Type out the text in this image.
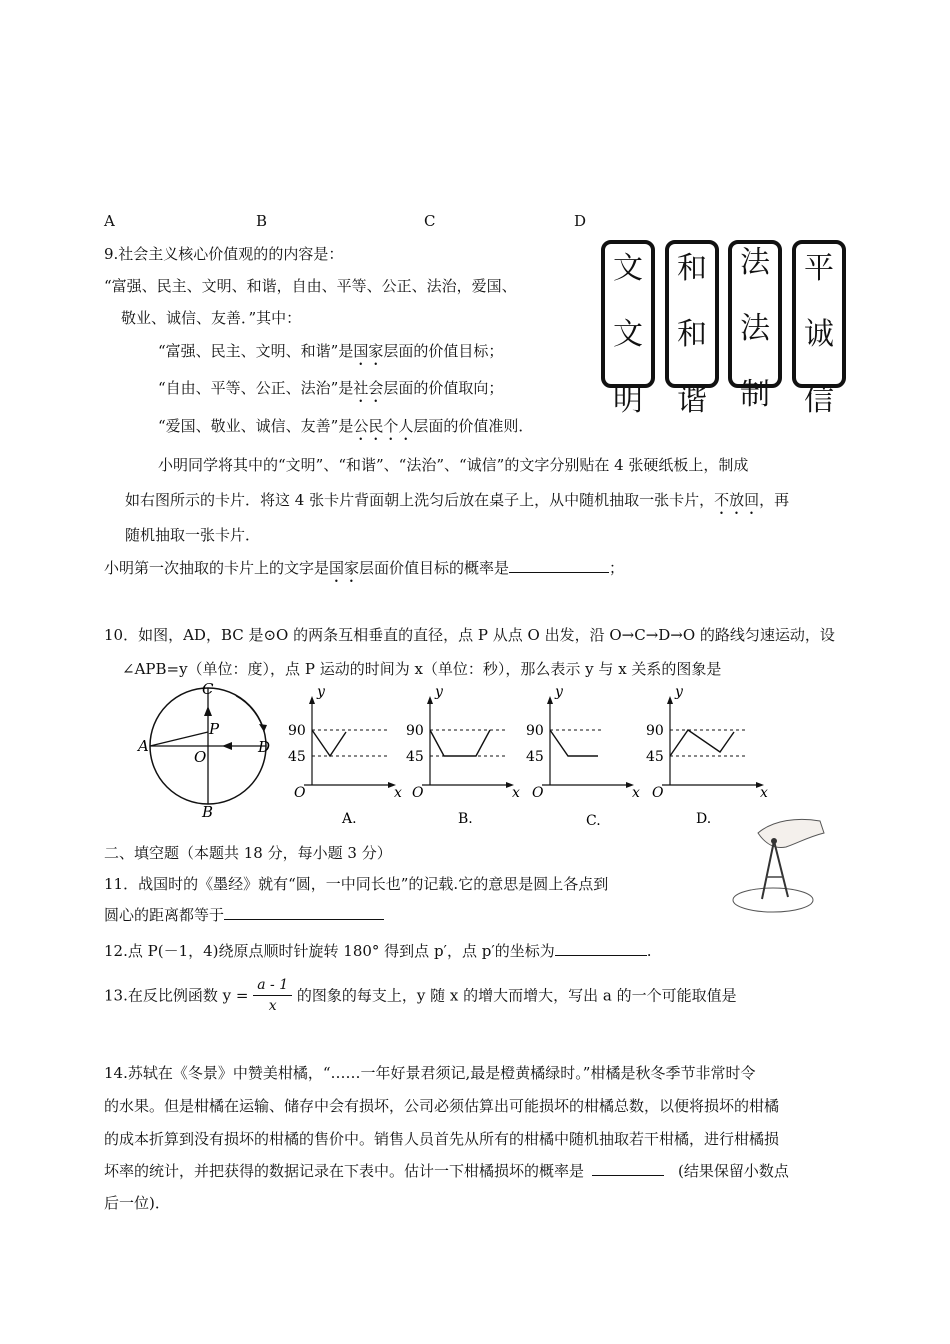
A	B	C	D
9.社会主义核心价值观的的内容是：
“富强、民主、文明、和谐，自由、平等、公正、法治，爱国、
敬业、诚信、友善．”其中：
“富强、民主、文明、和谐”是国家层面的价值目标；
“自由、平等、公正、法治”是社会层面的价值取向；
“爱国、敬业、诚信、友善”是公民个人层面的价值准则．
小明同学将其中的“文明”、“和谐”、“法治”、“诚信”的文字分别贴在 4 张硬纸板上，制成
如右图所示的卡片．将这 4 张卡片背面朝上洗匀后放在桌子上，从中随机抽取一张卡片，不放回，再
随机抽取一张卡片．
小明第一次抽取的卡片上的文字是国家层面价值目标的概率是	；
文
文
明
和
和
谐
法
法
制
平
诚
信
10．如图，AD，BC 是⊙O 的两条互相垂直的直径，点 P 从点 O 出发，沿 O→C→D→O 的路线匀速运动，设
∠APB=y（单位：度），点 P 运动的时间为 x（单位：秒），那么表示 y 与 x 关系的图象是
A
B
C
D
O
P
y
x
O
90
45
A.
y
x
O
90
45
B.
y
x
O
90
45
C.
y
x
O
90
45
D.
二、填空题（本题共 18 分，每小题 3 分）
11．战国时的《墨经》就有“圆，一中同长也”的记载.它的意思是圆上各点到
圆心的距离都等于
12.点 P(－1，4)绕原点顺时针旋转 180° 得到点 p′，点 p′的坐标为	.
13.在反比例函数 $y = \frac{a - 1}{x}$ 的图象的每支上，y 随 x 的增大而增大，写出 a 的一个可能取值是
14.苏轼在《冬景》中赞美柑橘，“……一年好景君须记,最是橙黄橘绿时。”柑橘是秋冬季节非常时令
的水果。但是柑橘在运输、储存中会有损坏，公司必须估算出可能损坏的柑橘总数，以便将损坏的柑橘
的成本折算到没有损坏的柑橘的售价中。销售人员首先从所有的柑橘中随机抽取若干柑橘，进行柑橘损
坏率的统计，并把获得的数据记录在下表中。估计一下柑橘损坏的概率是	(结果保留小数点
后一位)．
